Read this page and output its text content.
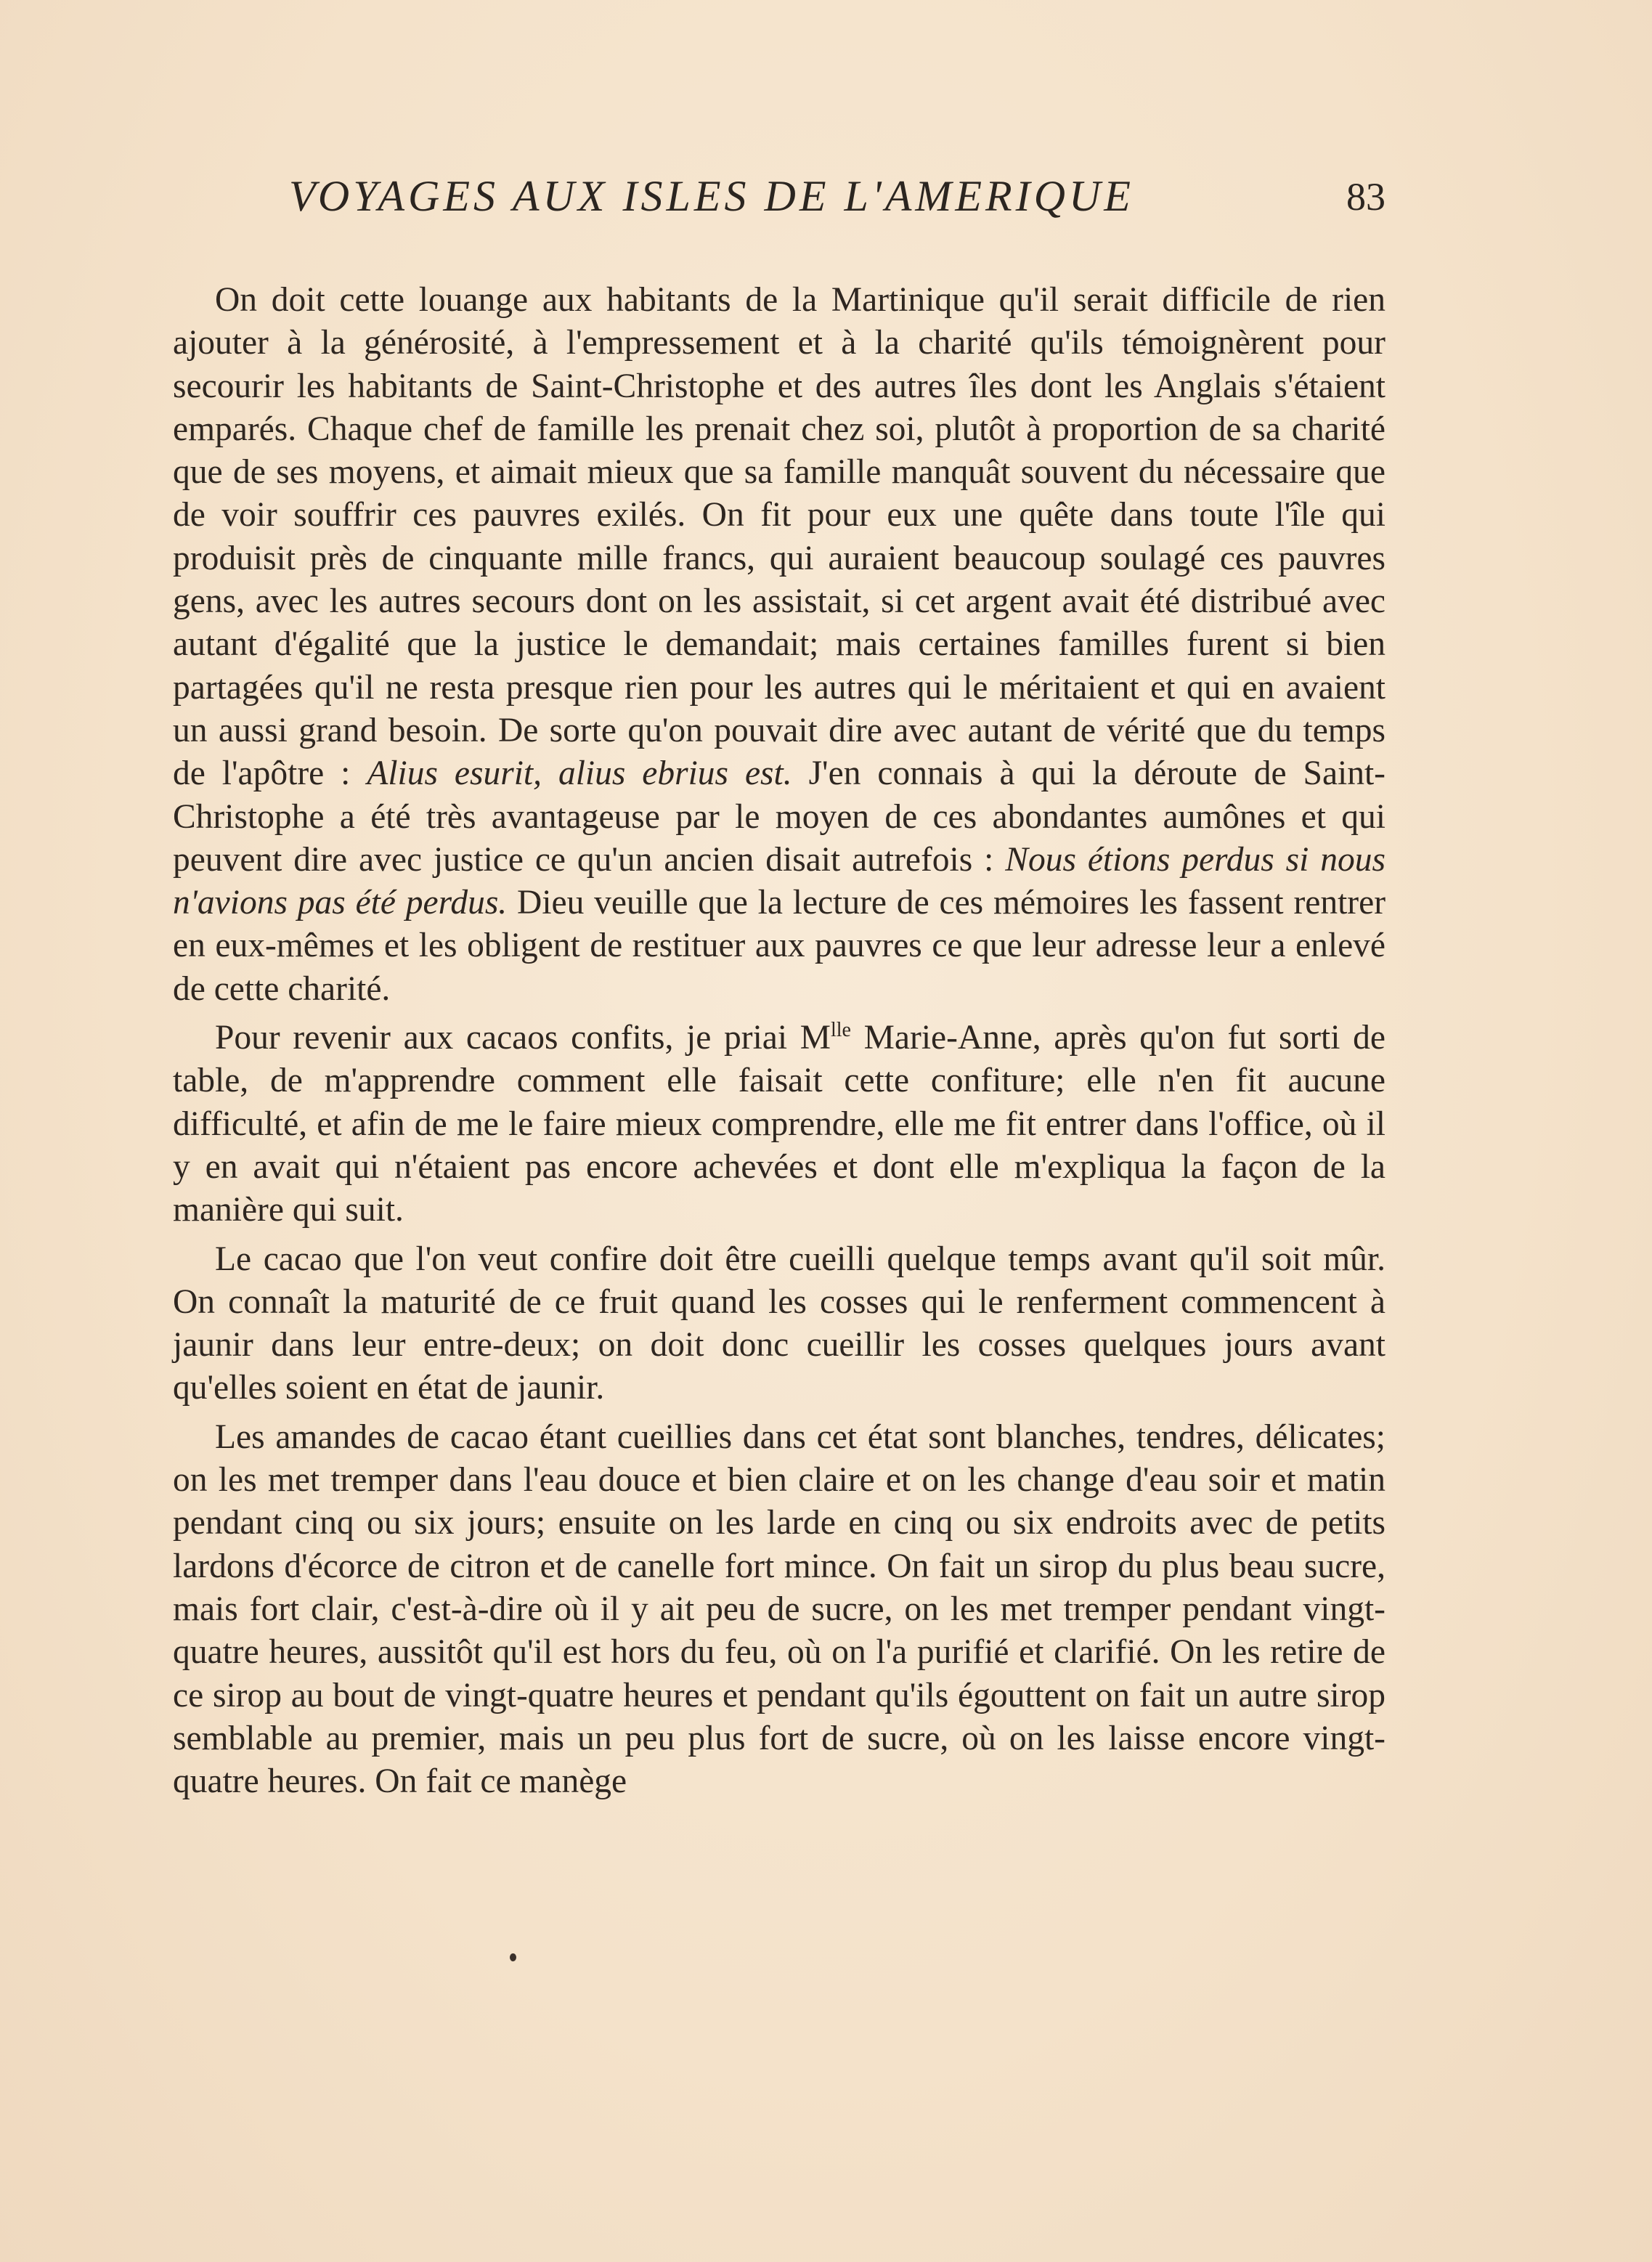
VOYAGES AUX ISLES DE L'AMERIQUE	83

On doit cette louange aux habitants de la Martinique qu'il serait difficile de rien ajouter à la générosité, à l'empressement et à la charité qu'ils témoignèrent pour secourir les habitants de Saint-Christophe et des autres îles dont les Anglais s'étaient emparés. Chaque chef de famille les prenait chez soi, plutôt à proportion de sa charité que de ses moyens, et aimait mieux que sa famille manquât souvent du nécessaire que de voir souffrir ces pauvres exilés. On fit pour eux une quête dans toute l'île qui produisit près de cinquante mille francs, qui auraient beaucoup soulagé ces pauvres gens, avec les autres secours dont on les assistait, si cet argent avait été distribué avec autant d'égalité que la justice le demandait; mais certaines familles furent si bien partagées qu'il ne resta presque rien pour les autres qui le méritaient et qui en avaient un aussi grand besoin. De sorte qu'on pouvait dire avec autant de vérité que du temps de l'apôtre : Alius esurit, alius ebrius est. J'en connais à qui la déroute de Saint-Christophe a été très avantageuse par le moyen de ces abondantes aumônes et qui peuvent dire avec justice ce qu'un ancien disait autrefois : Nous étions perdus si nous n'avions pas été perdus. Dieu veuille que la lecture de ces mémoires les fassent rentrer en eux-mêmes et les obligent de restituer aux pauvres ce que leur adresse leur a enlevé de cette charité.

Pour revenir aux cacaos confits, je priai $M^{lle}$ Marie-Anne, après qu'on fut sorti de table, de m'apprendre comment elle faisait cette confiture; elle n'en fit aucune difficulté, et afin de me le faire mieux comprendre, elle me fit entrer dans l'office, où il y en avait qui n'étaient pas encore achevées et dont elle m'expliqua la façon de la manière qui suit.

Le cacao que l'on veut confire doit être cueilli quelque temps avant qu'il soit mûr. On connaît la maturité de ce fruit quand les cosses qui le renferment commencent à jaunir dans leur entre-deux; on doit donc cueillir les cosses quelques jours avant qu'elles soient en état de jaunir.

Les amandes de cacao étant cueillies dans cet état sont blanches, tendres, délicates; on les met tremper dans l'eau douce et bien claire et on les change d'eau soir et matin pendant cinq ou six jours; ensuite on les larde en cinq ou six endroits avec de petits lardons d'écorce de citron et de canelle fort mince. On fait un sirop du plus beau sucre, mais fort clair, c'est-à-dire où il y ait peu de sucre, on les met tremper pendant vingt-quatre heures, aussitôt qu'il est hors du feu, où on l'a purifié et clarifié. On les retire de ce sirop au bout de vingt-quatre heures et pendant qu'ils égouttent on fait un autre sirop semblable au premier, mais un peu plus fort de sucre, où on les laisse encore vingt-quatre heures. On fait ce manège
